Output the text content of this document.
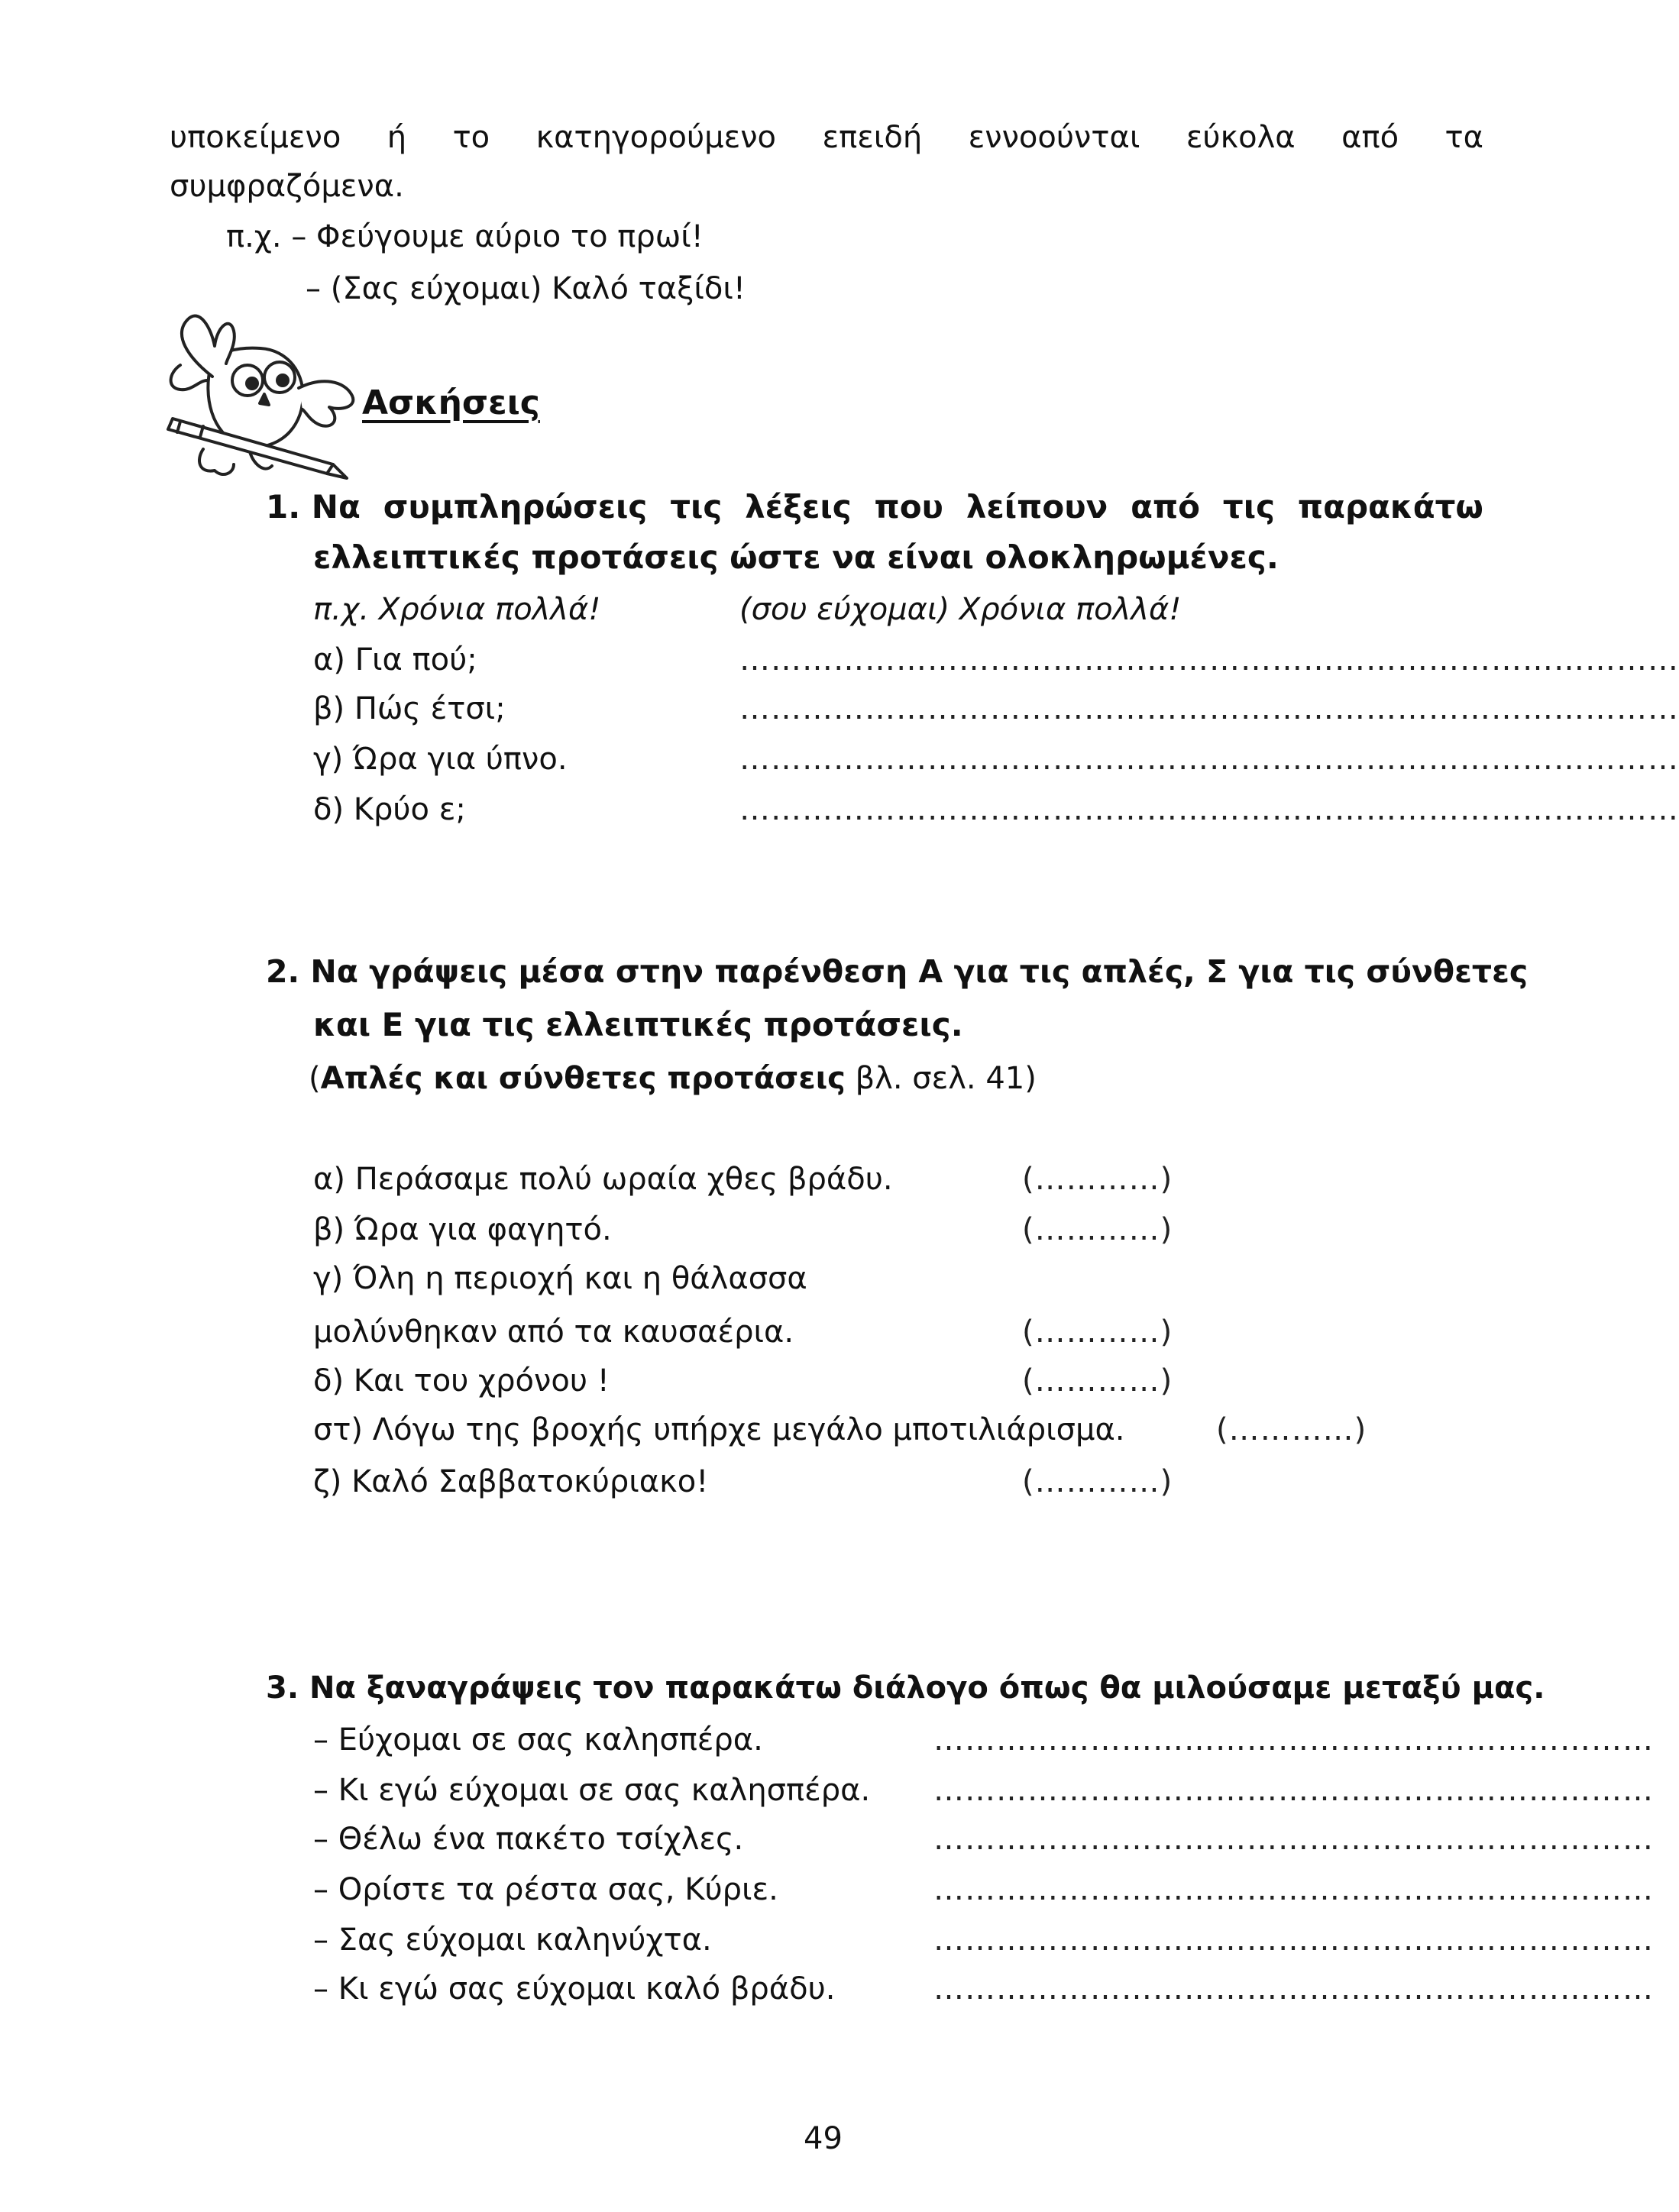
υποκείμενο ή το κατηγορούμενο επειδή εννοούνται εύκολα από τα
συμφραζόμενα.
π.χ. – Φεύγουμε αύριο το πρωί!
– (Σας εύχομαι) Καλό ταξίδι!
Ασκήσεις
1. Να συμπληρώσεις τις λέξεις που λείπουν από τις παρακάτω
ελλειπτικές προτάσεις ώστε να είναι ολοκληρωμένες.
π.χ. Χρόνια πολλά!	(σου εύχομαι) Χρόνια πολλά!
α) Για πού;	………………………………………………………………………………
β) Πώς έτσι;	………………………………………………………………………………
γ) Ώρα για ύπνο.	………………………………………………………………………………
δ) Κρύο ε;	………………………………………………………………………………
2. Να γράψεις μέσα στην παρένθεση Α για τις απλές, Σ για τις σύνθετες
και Ε για τις ελλειπτικές προτάσεις.
(Απλές και σύνθετες προτάσεις βλ. σελ. 41)
α) Περάσαμε πολύ ωραία χθες βράδυ.	(…………)
β) Ώρα για φαγητό.	(…………)
γ) Όλη η περιοχή και η θάλασσα
μολύνθηκαν από τα καυσαέρια.	(…………)
δ) Και του χρόνου !	(…………)
στ) Λόγω της βροχής υπήρχε μεγάλο μποτιλιάρισμα.	(…………)
ζ) Καλό Σαββατοκύριακο!	(…………)
3. Να ξαναγράψεις τον παρακάτω διάλογο όπως θα μιλούσαμε μεταξύ μας.
– Εύχομαι σε σας καλησπέρα.	……………………………………………………………
– Κι εγώ εύχομαι σε σας καλησπέρα. ……………………………………………………………
– Θέλω ένα πακέτο τσίχλες.	……………………………………………………………
– Ορίστε τα ρέστα σας, Κύριε.	……………………………………………………………
– Σας εύχομαι καληνύχτα.	……………………………………………………………
– Κι εγώ σας εύχομαι καλό βράδυ.	……………………………………………………………
49
